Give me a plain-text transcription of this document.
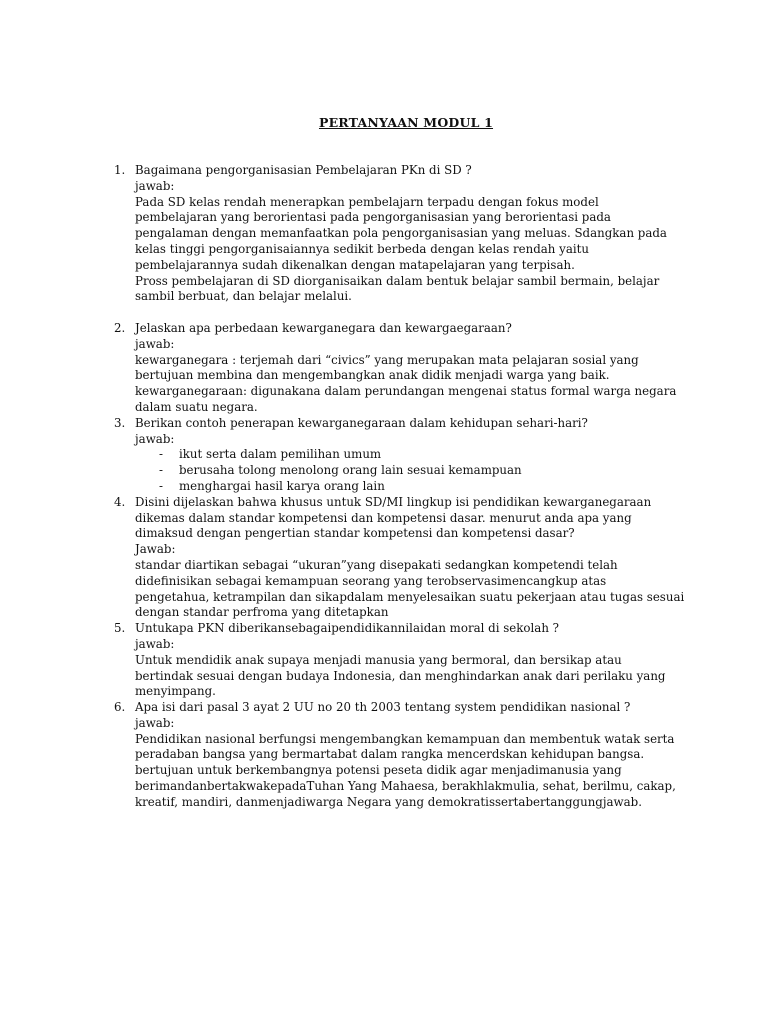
PERTANYAAN MODUL 1
1. Bagaimana pengorganisasian Pembelajaran PKn di SD ?
jawab:
Pada SD kelas rendah menerapkan pembelajarn terpadu dengan fokus model
pembelajaran yang berorientasi pada pengorganisasian yang berorientasi pada
pengalaman dengan memanfaatkan pola pengorganisasian yang meluas. Sdangkan pada
kelas tinggi pengorganisaiannya sedikit berbeda dengan kelas rendah yaitu
pembelajarannya sudah dikenalkan dengan matapelajaran yang terpisah.
Pross pembelajaran di SD diorganisaikan dalam bentuk belajar sambil bermain, belajar
sambil berbuat, dan belajar melalui.
2. Jelaskan apa perbedaan kewarganegara dan kewargaegaraan?
jawab:
kewarganegara : terjemah dari “civics” yang merupakan mata pelajaran sosial yang
bertujuan membina dan mengembangkan anak didik menjadi warga yang baik.
kewarganegaraan: digunakana dalam perundangan mengenai status formal warga negara
dalam suatu negara.
3. Berikan contoh penerapan kewarganegaraan dalam kehidupan sehari-hari?
jawab:
- ikut serta dalam pemilihan umum
- berusaha tolong menolong orang lain sesuai kemampuan
- menghargai hasil karya orang lain
4. Disini dijelaskan bahwa khusus untuk SD/MI lingkup isi pendidikan kewarganegaraan
dikemas dalam standar kompetensi dan kompetensi dasar. menurut anda apa yang
dimaksud dengan pengertian standar kompetensi dan kompetensi dasar?
Jawab:
standar diartikan sebagai “ukuran”yang disepakati sedangkan kompetendi telah
didefinisikan sebagai kemampuan seorang yang terobservasimencangkup atas
pengetahua, ketrampilan dan sikapdalam menyelesaikan suatu pekerjaan atau tugas sesuai
dengan standar perfroma yang ditetapkan
5. Untukapa PKN diberikansebagaipendidikannilaidan moral di sekolah ?
jawab:
Untuk mendidik anak supaya menjadi manusia yang bermoral, dan bersikap atau
bertindak sesuai dengan budaya Indonesia, dan menghindarkan anak dari perilaku yang
menyimpang.
6. Apa isi dari pasal 3 ayat 2 UU no 20 th 2003 tentang system pendidikan nasional ?
jawab:
Pendidikan nasional berfungsi mengembangkan kemampuan dan membentuk watak serta
peradaban bangsa yang bermartabat dalam rangka mencerdskan kehidupan bangsa.
bertujuan untuk berkembangnya potensi peseta didik agar menjadimanusia yang
berimandanbertakwakepadaTuhan Yang Mahaesa, berakhlakmulia, sehat, berilmu, cakap,
kreatif, mandiri, danmenjadiwarga Negara yang demokratissertabertanggungjawab.
